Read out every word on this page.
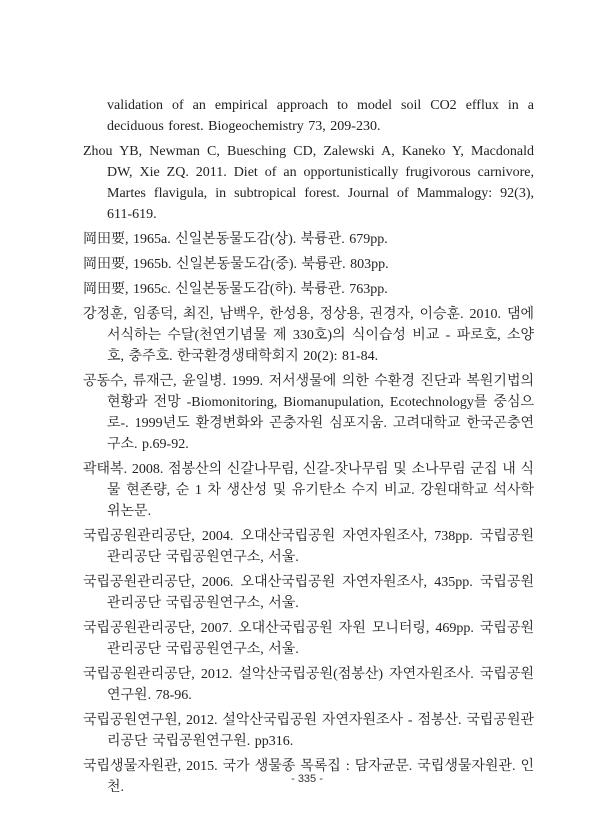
validation of an empirical approach to model soil CO2 efflux in a deciduous forest. Biogeochemistry 73, 209-230.

Zhou YB, Newman C, Buesching CD, Zalewski A, Kaneko Y, Macdonald DW, Xie ZQ. 2011. Diet of an opportunistically frugivorous carnivore, Martes flavigula, in subtropical forest. Journal of Mammalogy: 92(3), 611-619.

岡田要, 1965a. 신일본동물도감(상). 북륭관. 679pp.

岡田要, 1965b. 신일본동물도감(중). 북륭관. 803pp.

岡田要, 1965c. 신일본동물도감(하). 북륭관. 763pp.

강정훈, 임종덕, 최진, 남백우, 한성용, 정상용, 권경자, 이승훈. 2010. 댐에 서식하는 수달(천연기념물 제 330호)의 식이습성 비교 - 파로호, 소양호, 충주호. 한국환경생태학회지 20(2): 81-84.

공동수, 류재근, 윤일병. 1999. 저서생물에 의한 수환경 진단과 복원기법의 현황과 전망 -Biomonitoring, Biomanupulation, Ecotechnology를 중심으로-. 1999년도 환경변화와 곤충자원 심포지움. 고려대학교 한국곤충연구소. p.69-92.

곽태복. 2008. 점봉산의 신갈나무림, 신갈-잣나무림 및 소나무림 군집 내 식물 현존량, 순 1 차 생산성 및 유기탄소 수지 비교. 강원대학교 석사학위논문.

국립공원관리공단, 2004. 오대산국립공원 자연자원조사, 738pp. 국립공원관리공단 국립공원연구소, 서울.

국립공원관리공단, 2006. 오대산국립공원 자연자원조사, 435pp. 국립공원관리공단 국립공원연구소, 서울.

국립공원관리공단, 2007. 오대산국립공원 자원 모니터링, 469pp. 국립공원관리공단 국립공원연구소, 서울.

국립공원관리공단, 2012. 설악산국립공원(점봉산) 자연자원조사. 국립공원연구원. 78-96.

국립공원연구원, 2012. 설악산국립공원 자연자원조사 - 점봉산. 국립공원관리공단 국립공원연구원. pp316.

국립생물자원관, 2015. 국가 생물종 목록집 : 담자균문. 국립생물자원관. 인천.

- 335 -
